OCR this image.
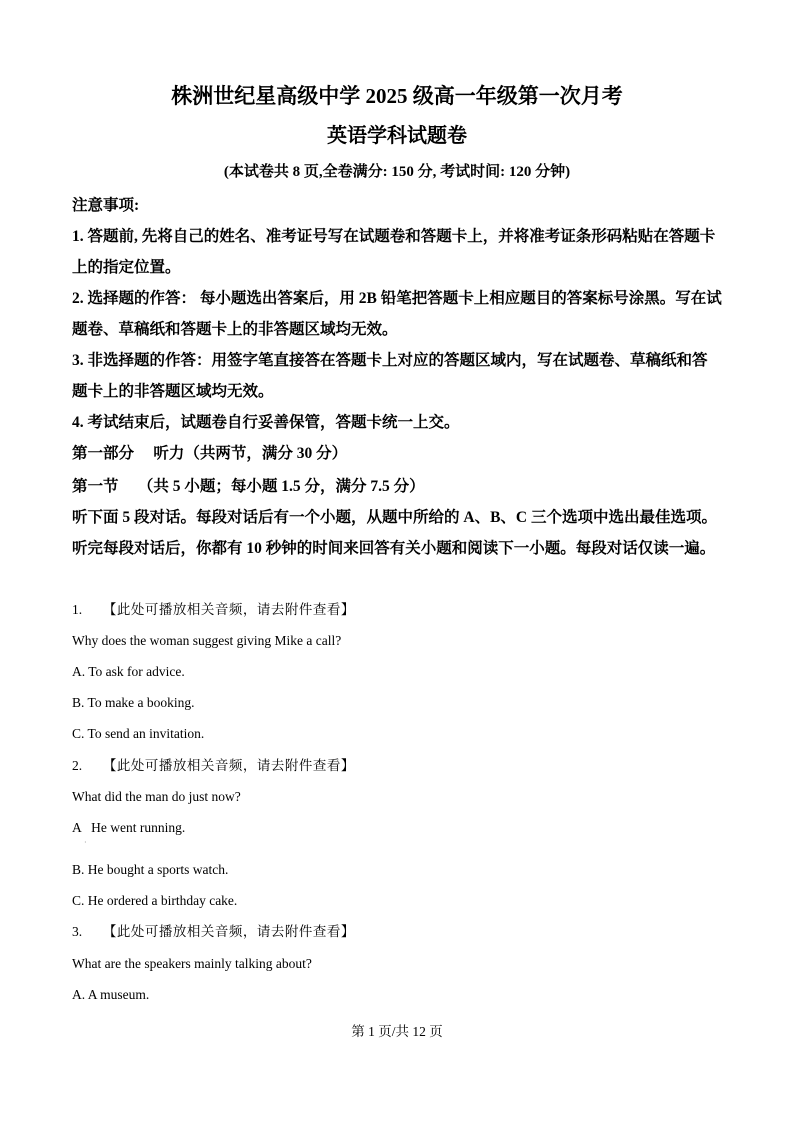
株洲世纪星高级中学 2025 级高一年级第一次月考
英语学科试题卷
(本试卷共 8 页,全卷满分: 150 分, 考试时间: 120 分钟)
注意事项:
1. 答题前, 先将自己的姓名、准考证号写在试题卷和答题卡上，并将准考证条形码粘贴在答题卡上的指定位置。
2. 选择题的作答： 每小题选出答案后，用 2B 铅笔把答题卡上相应题目的答案标号涂黑。写在试题卷、草稿纸和答题卡上的非答题区域均无效。
3. 非选择题的作答：用签字笔直接答在答题卡上对应的答题区域内，写在试题卷、草稿纸和答题卡上的非答题区域均无效。
4. 考试结束后，试题卷自行妥善保管，答题卡统一上交。
第一部分　 听力（共两节，满分 30 分）
第一节　 （共 5 小题；每小题 1.5 分，满分 7.5 分）
听下面 5 段对话。每段对话后有一个小题，从题中所给的 A、B、C 三个选项中选出最佳选项。听完每段对话后，你都有 10 秒钟的时间来回答有关小题和阅读下一小题。每段对话仅读一遍。
1. 【此处可播放相关音频，请去附件查看】
Why does the woman suggest giving Mike a call?
A. To ask for advice.
B. To make a booking.
C. To send an invitation.
2. 【此处可播放相关音频，请去附件查看】
What did the man do just now?
A   He went running.
·
B. He bought a sports watch.
C. He ordered a birthday cake.
3. 【此处可播放相关音频，请去附件查看】
What are the speakers mainly talking about?
A. A museum.
第 1 页/共 12 页
